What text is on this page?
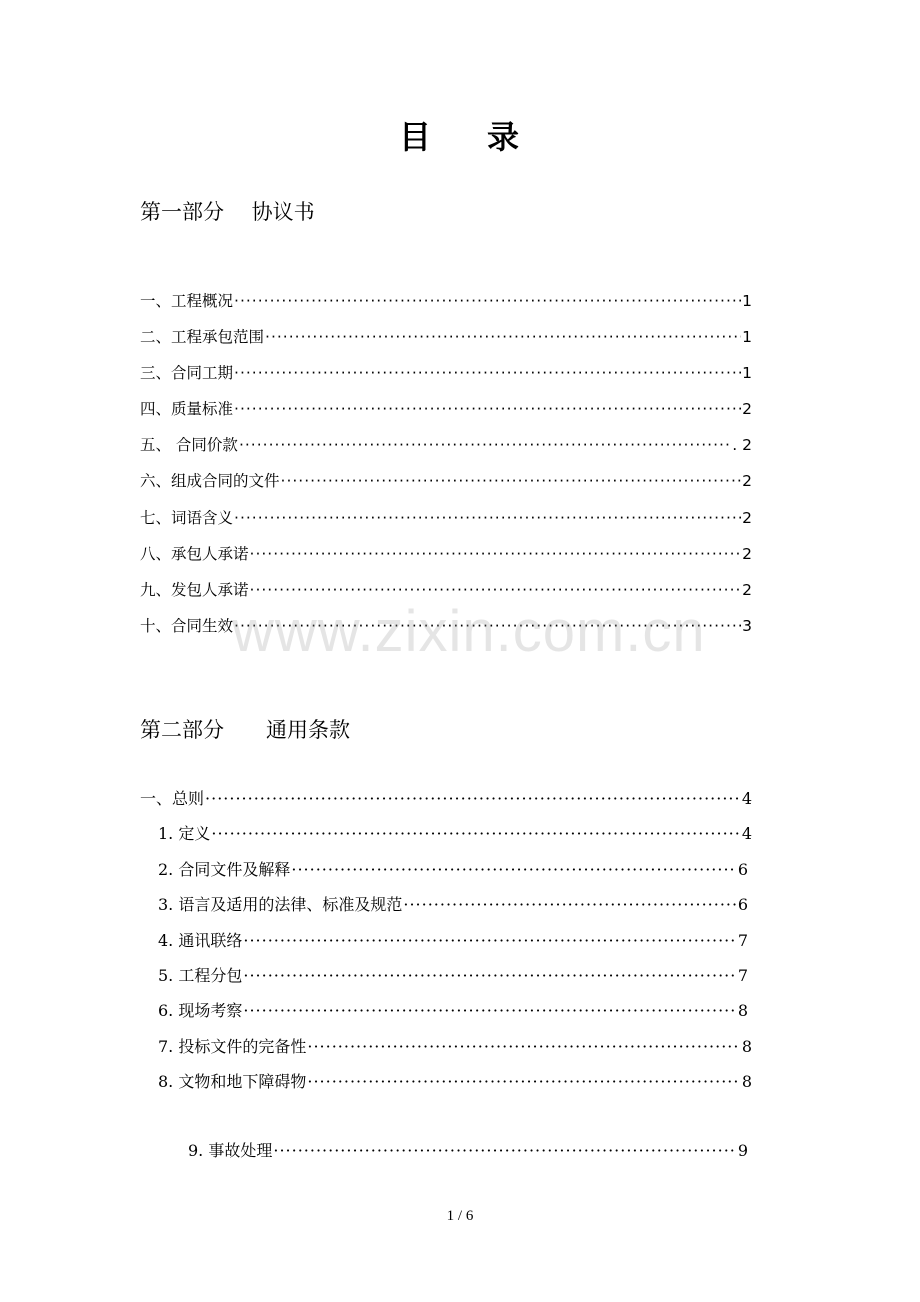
目 录
第一部分　 协议书
一、工程概况 ·····	1
二、工程承包范围 ·····	1
三、合同工期 ·····	1
四、质量标准 ·····	2
五、 合同价款 ·····	. 2
六、组成合同的文件 ·····	2
七、词语含义 ·····	2
八、承包人承诺 ·····	2
九、发包人承诺 ·····	2
十、合同生效 ·····	3
www.zixin.com.cn
第二部分　　通用条款
一、总则 ·····	4
1. 定义 ·····	4
2. 合同文件及解释 ·····	6
3. 语言及适用的法律、标准及规范 ·····	6
4. 通讯联络 ·····	7
5. 工程分包 ·····	7
6. 现场考察 ·····	8
7. 投标文件的完备性 ·····	8
8. 文物和地下障碍物 ·····	8
9. 事故处理 ·····	9
1 / 6
